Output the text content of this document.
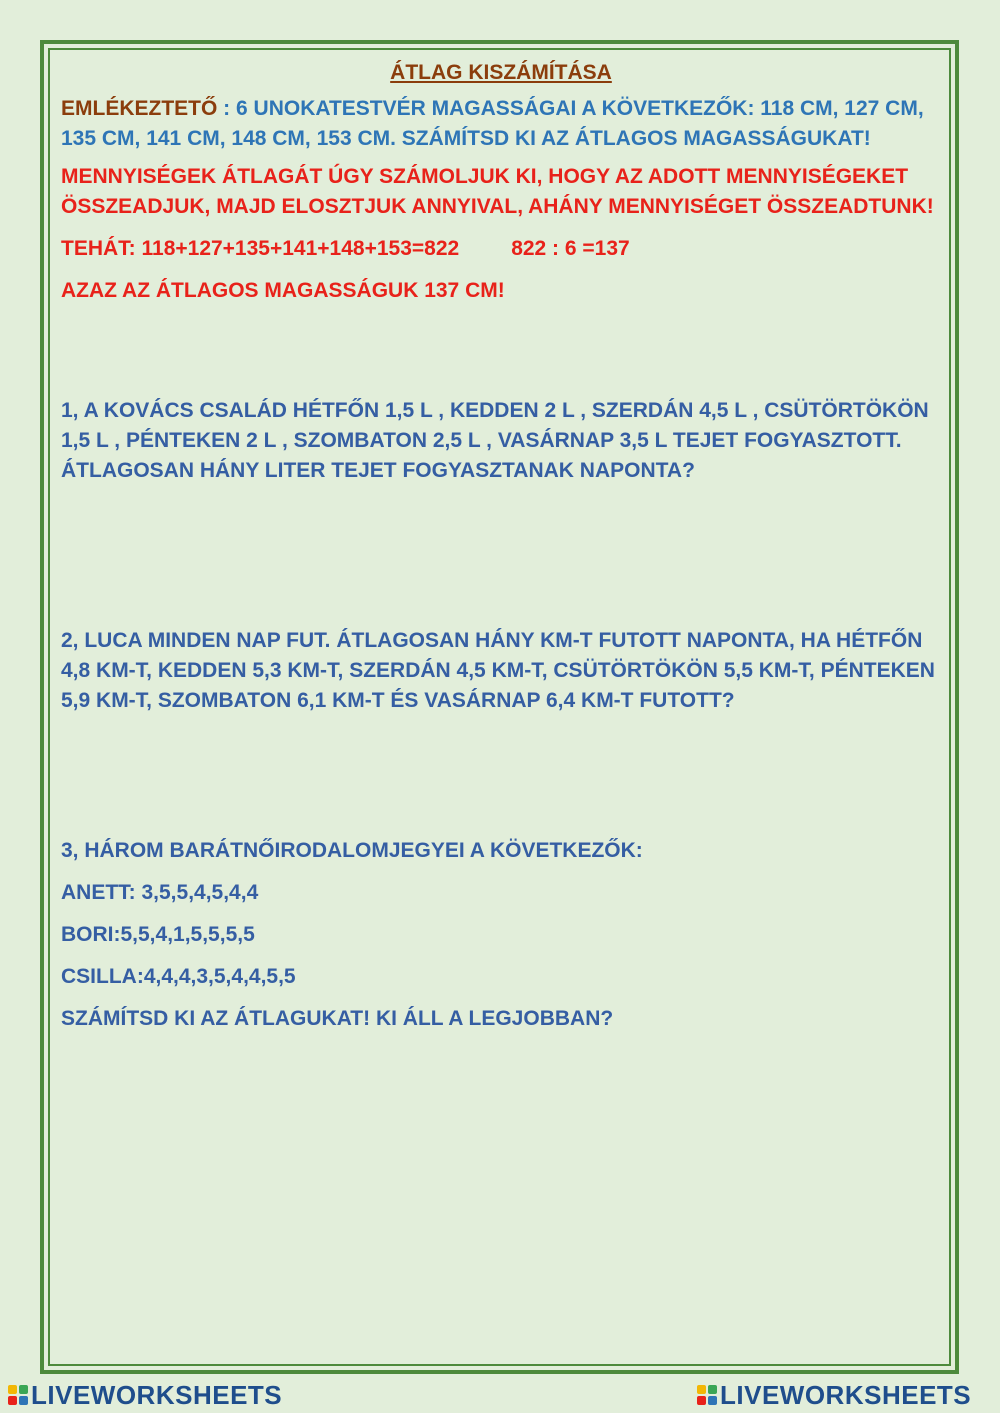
ÁTLAG KISZÁMÍTÁSA

EMLÉKEZTETŐ : 6 UNOKATESTVÉR MAGASSÁGAI A KÖVETKEZŐK: 118 CM, 127 CM, 135 CM, 141 CM, 148 CM, 153 CM. SZÁMÍTSD KI AZ ÁTLAGOS MAGASSÁGUKAT!

MENNYISÉGEK ÁTLAGÁT ÚGY SZÁMOLJUK KI, HOGY AZ ADOTT MENNYISÉGEKET ÖSSZEADJUK, MAJD ELOSZTJUK ANNYIVAL, AHÁNY MENNYISÉGET ÖSSZEADTUNK!

TEHÁT: 118+127+135+141+148+153=822 822 : 6 =137

AZAZ AZ ÁTLAGOS MAGASSÁGUK 137 CM!

1, A KOVÁCS CSALÁD HÉTFŐN 1,5 L , KEDDEN 2 L , SZERDÁN 4,5 L , CSÜTÖRTÖKÖN 1,5 L , PÉNTEKEN 2 L , SZOMBATON 2,5 L , VASÁRNAP 3,5 L TEJET FOGYASZTOTT. ÁTLAGOSAN HÁNY LITER TEJET FOGYASZTANAK NAPONTA?

2, LUCA MINDEN NAP FUT. ÁTLAGOSAN HÁNY KM-T FUTOTT NAPONTA, HA HÉTFŐN 4,8 KM-T, KEDDEN 5,3 KM-T, SZERDÁN 4,5 KM-T, CSÜTÖRTÖKÖN 5,5 KM-T, PÉNTEKEN 5,9 KM-T, SZOMBATON 6,1 KM-T ÉS VASÁRNAP 6,4 KM-T FUTOTT?

3, HÁROM BARÁTNŐIRODALOMJEGYEI A KÖVETKEZŐK:

ANETT: 3,5,5,4,5,4,4

BORI:5,5,4,1,5,5,5,5

CSILLA:4,4,4,3,5,4,4,5,5

SZÁMÍTSD KI AZ ÁTLAGUKAT! KI ÁLL A LEGJOBBAN?

LIVEWORKSHEETS	LIVEWORKSHEETS
